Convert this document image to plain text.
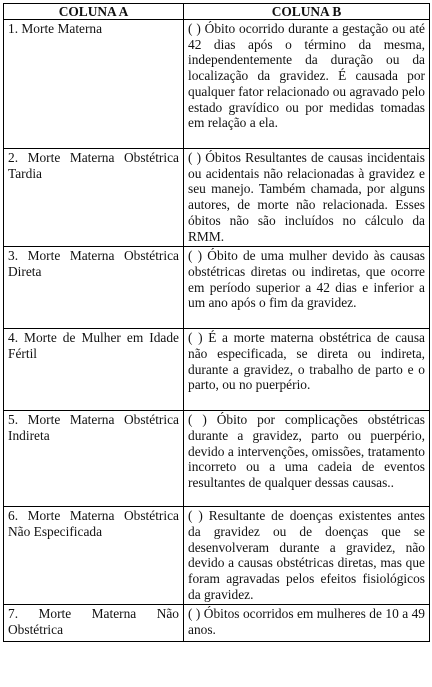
COLUNA A	COLUNA B
1. Morte Materna	( ) Óbito ocorrido durante a gestação ou até 42 dias após o término da mesma, independentemente da duração ou da localização da gravidez. É causada por qualquer fator relacionado ou agravado pelo estado gravídico ou por medidas tomadas em relação a ela.
2. Morte Materna Obstétrica Tardia	( ) Óbitos Resultantes de causas incidentais ou acidentais não relacionadas à gravidez e seu manejo. Também chamada, por alguns autores, de morte não relacionada. Esses óbitos não são incluídos no cálculo da RMM.
3. Morte Materna Obstétrica Direta	( ) Óbito de uma mulher devido às causas obstétricas diretas ou indiretas, que ocorre em período superior a 42 dias e inferior a um ano após o fim da gravidez.
4. Morte de Mulher em Idade Fértil	( ) É a morte materna obstétrica de causa não especificada, se direta ou indireta, durante a gravidez, o trabalho de parto e o parto, ou no puerpério.
5. Morte Materna Obstétrica Indireta	( ) Óbito por complicações obstétricas durante a gravidez, parto ou puerpério, devido a intervenções, omissões, tratamento incorreto ou a uma cadeia de eventos resultantes de qualquer dessas causas..
6. Morte Materna Obstétrica Não Especificada	( ) Resultante de doenças existentes antes da gravidez ou de doenças que se desenvolveram durante a gravidez, não devido a causas obstétricas diretas, mas que foram agravadas pelos efeitos fisiológicos da gravidez.
7. Morte Materna Não Obstétrica	( ) Óbitos ocorridos em mulheres de 10 a 49 anos.
